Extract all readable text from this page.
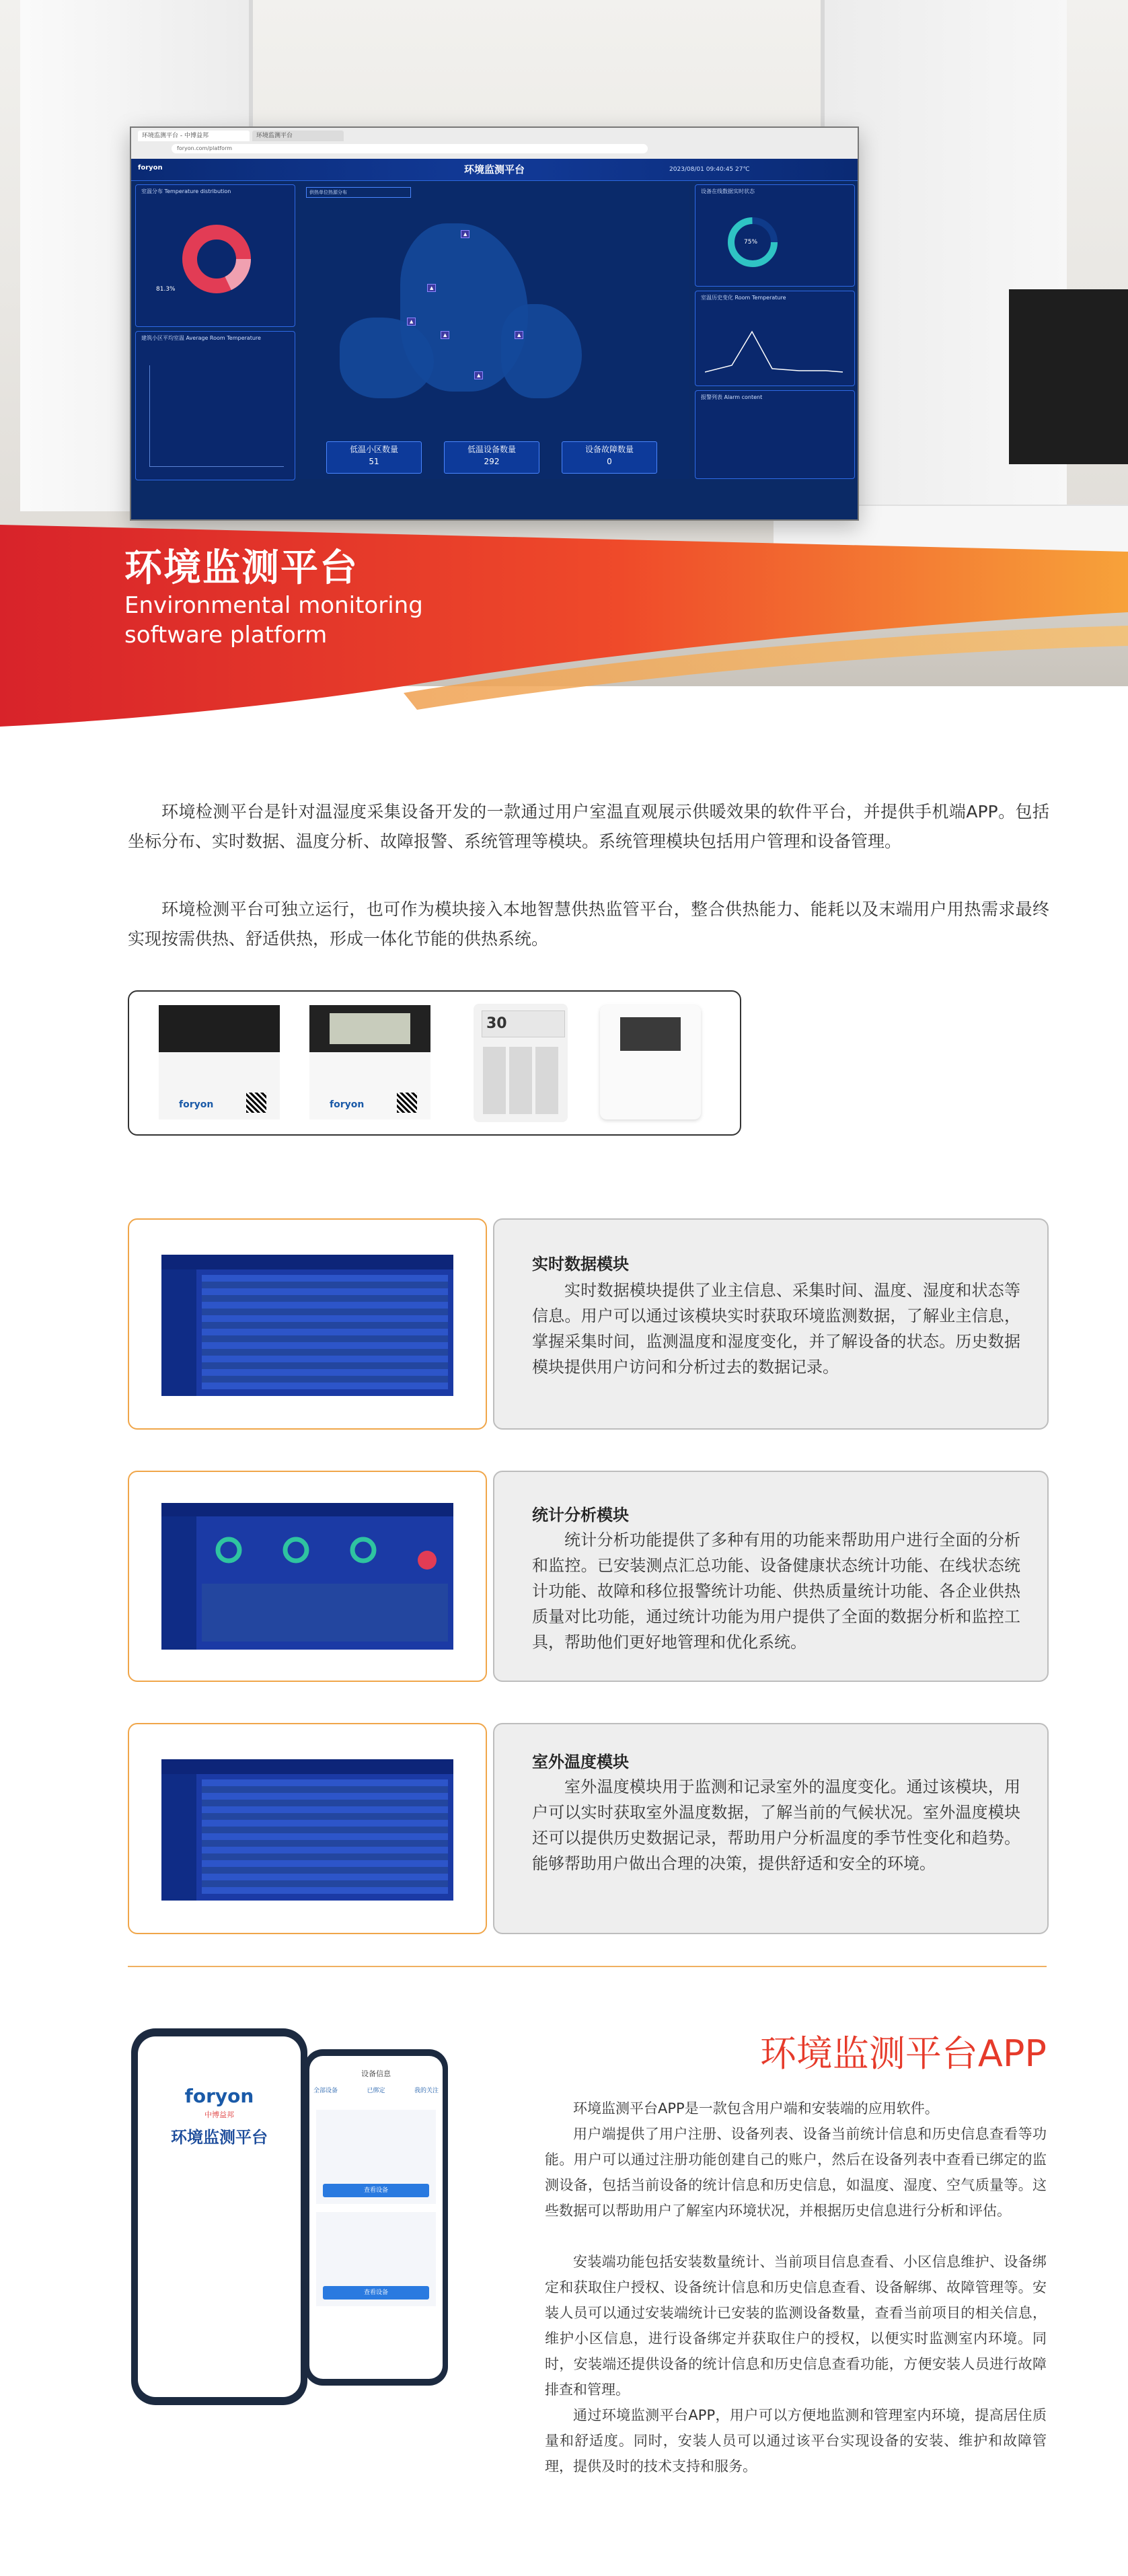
环境监测平台 - 中博益邦	环境监测平台
foryon.com/platform
foryon	环境监测平台	2023/08/01 09:40:45 27℃
室温分布 Temperature distribution
81.3%
建筑小区平均室温 Average Room Temperature
供热单位热源分布
▲
▲
▲
▲	▲
▲
低温小区数量
51
低温设备数量
292
设备故障数量
0
设备在线数据实时状态
75%
室温历史变化 Room Temperature
报警列表 Alarm content
环境监测平台
Environmental monitoring
software platform
环境检测平台是针对温湿度采集设备开发的一款通过用户室温直观展示供暖效果的软件平台，并提供手机端APP。包括坐标分布、实时数据、温度分析、故障报警、系统管理等模块。系统管理模块包括用户管理和设备管理。
环境检测平台可独立运行，也可作为模块接入本地智慧供热监管平台，整合供热能力、能耗以及末端用户用热需求最终实现按需供热、舒适供热，形成一体化节能的供热系统。
foryon	foryon
30
实时数据模块
实时数据模块提供了业主信息、采集时间、温度、湿度和状态等信息。用户可以通过该模块实时获取环境监测数据，了解业主信息，掌握采集时间，监测温度和湿度变化，并了解设备的状态。历史数据模块提供用户访问和分析过去的数据记录。
统计分析模块
统计分析功能提供了多种有用的功能来帮助用户进行全面的分析和监控。已安装测点汇总功能、设备健康状态统计功能、在线状态统计功能、故障和移位报警统计功能、供热质量统计功能、各企业供热质量对比功能，通过统计功能为用户提供了全面的数据分析和监控工具，帮助他们更好地管理和优化系统。
室外温度模块
室外温度模块用于监测和记录室外的温度变化。通过该模块，用户可以实时获取室外温度数据，了解当前的气候状况。室外温度模块还可以提供历史数据记录，帮助用户分析温度的季节性变化和趋势。能够帮助用户做出合理的决策，提供舒适和安全的环境。
foryon
中博益邦
环境监测平台
设备信息
全部设备	已绑定	我的关注
查看设备
查看设备
环境监测平台APP
环境监测平台APP是一款包含用户端和安装端的应用软件。
用户端提供了用户注册、设备列表、设备当前统计信息和历史信息查看等功能。用户可以通过注册功能创建自己的账户，然后在设备列表中查看已绑定的监测设备，包括当前设备的统计信息和历史信息，如温度、湿度、空气质量等。这些数据可以帮助用户了解室内环境状况，并根据历史信息进行分析和评估。
安装端功能包括安装数量统计、当前项目信息查看、小区信息维护、设备绑定和获取住户授权、设备统计信息和历史信息查看、设备解绑、故障管理等。安装人员可以通过安装端统计已安装的监测设备数量，查看当前项目的相关信息，维护小区信息，进行设备绑定并获取住户的授权，以便实时监测室内环境。同时，安装端还提供设备的统计信息和历史信息查看功能，方便安装人员进行故障排查和管理。
通过环境监测平台APP，用户可以方便地监测和管理室内环境，提高居住质量和舒适度。同时，安装人员可以通过该平台实现设备的安装、维护和故障管理，提供及时的技术支持和服务。
